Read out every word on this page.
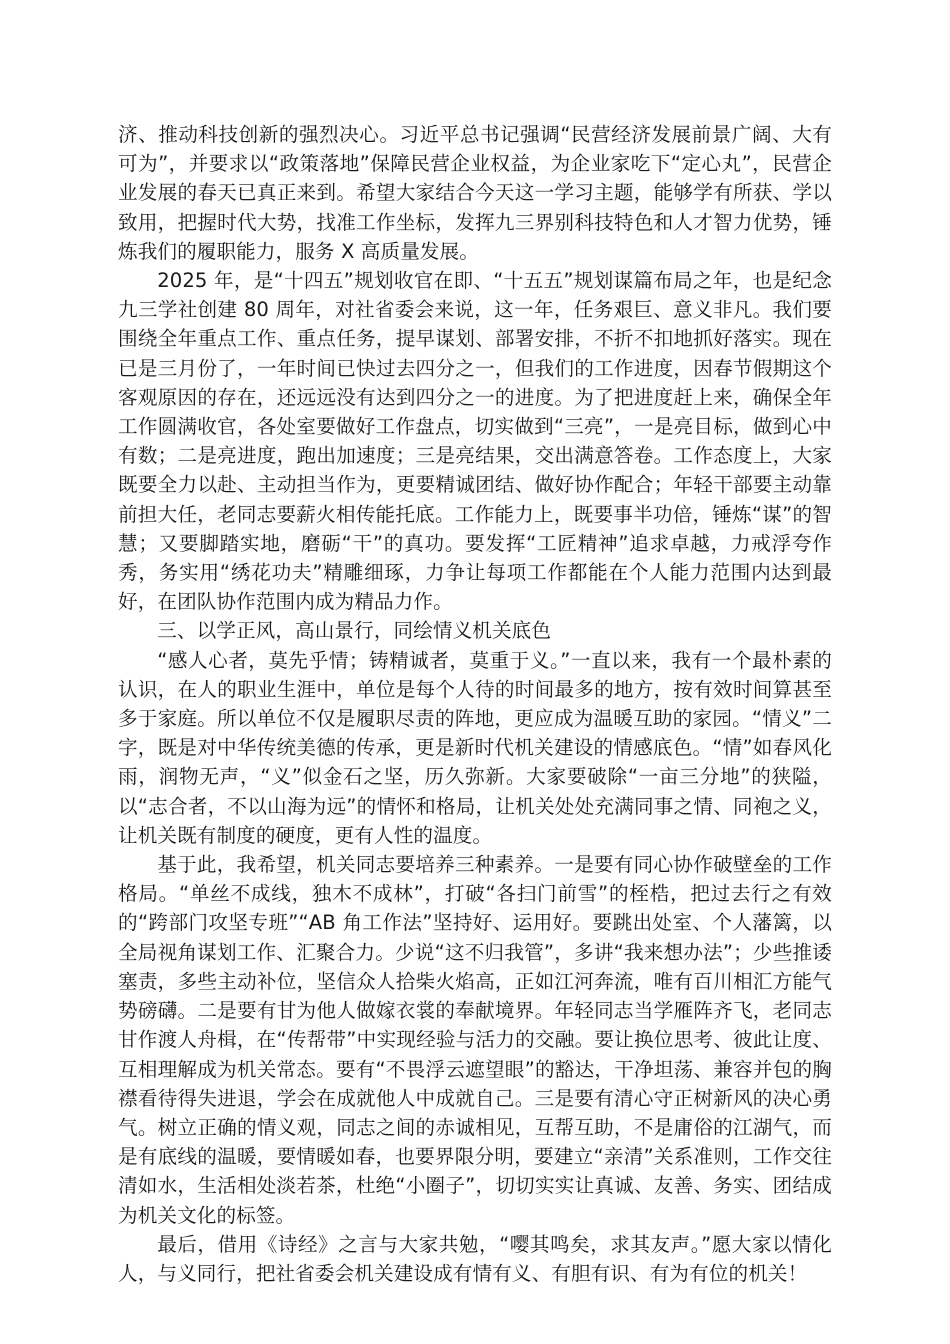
济、推动科技创新的强烈决心。习近平总书记强调“民营经济发展前景广阔、大有可为”，并要求以“政策落地”保障民营企业权益，为企业家吃下“定心丸”，民营企业发展的春天已真正来到。希望大家结合今天这一学习主题，能够学有所获、学以致用，把握时代大势，找准工作坐标，发挥九三界别科技特色和人才智力优势，锤炼我们的履职能力，服务 X 高质量发展。

2025 年，是“十四五”规划收官在即、“十五五”规划谋篇布局之年，也是纪念九三学社创建 80 周年，对社省委会来说，这一年，任务艰巨、意义非凡。我们要围绕全年重点工作、重点任务，提早谋划、部署安排，不折不扣地抓好落实。现在已是三月份了，一年时间已快过去四分之一，但我们的工作进度，因春节假期这个客观原因的存在，还远远没有达到四分之一的进度。为了把进度赶上来，确保全年工作圆满收官，各处室要做好工作盘点，切实做到“三亮”，一是亮目标，做到心中有数；二是亮进度，跑出加速度；三是亮结果，交出满意答卷。工作态度上，大家既要全力以赴、主动担当作为，更要精诚团结、做好协作配合；年轻干部要主动靠前担大任，老同志要薪火相传能托底。工作能力上，既要事半功倍，锤炼“谋”的智慧；又要脚踏实地，磨砺“干”的真功。要发挥“工匠精神”追求卓越，力戒浮夸作秀，务实用“绣花功夫”精雕细琢，力争让每项工作都能在个人能力范围内达到最好，在团队协作范围内成为精品力作。

三、以学正风，高山景行，同绘情义机关底色

“感人心者，莫先乎情；铸精诚者，莫重于义。”一直以来，我有一个最朴素的认识，在人的职业生涯中，单位是每个人待的时间最多的地方，按有效时间算甚至多于家庭。所以单位不仅是履职尽责的阵地，更应成为温暖互助的家园。“情义”二字，既是对中华传统美德的传承，更是新时代机关建设的情感底色。“情”如春风化雨，润物无声，“义”似金石之坚，历久弥新。大家要破除“一亩三分地”的狭隘，以“志合者，不以山海为远”的情怀和格局，让机关处处充满同事之情、同袍之义，让机关既有制度的硬度，更有人性的温度。

基于此，我希望，机关同志要培养三种素养。一是要有同心协作破壁垒的工作格局。“单丝不成线，独木不成林”，打破“各扫门前雪”的桎梏，把过去行之有效的“跨部门攻坚专班”“AB 角工作法”坚持好、运用好。要跳出处室、个人藩篱，以全局视角谋划工作、汇聚合力。少说“这不归我管”，多讲“我来想办法”；少些推诿塞责，多些主动补位，坚信众人拾柴火焰高，正如江河奔流，唯有百川相汇方能气势磅礴。二是要有甘为他人做嫁衣裳的奉献境界。年轻同志当学雁阵齐飞，老同志甘作渡人舟楫，在“传帮带”中实现经验与活力的交融。要让换位思考、彼此让度、互相理解成为机关常态。要有“不畏浮云遮望眼”的豁达，干净坦荡、兼容并包的胸襟看待得失进退，学会在成就他人中成就自己。三是要有清心守正树新风的决心勇气。树立正确的情义观，同志之间的赤诚相见，互帮互助，不是庸俗的江湖气，而是有底线的温暖，要情暖如春，也要界限分明，要建立“亲清”关系准则，工作交往清如水，生活相处淡若茶，杜绝“小圈子”，切切实实让真诚、友善、务实、团结成为机关文化的标签。

最后，借用《诗经》之言与大家共勉，“嘤其鸣矣，求其友声。”愿大家以情化人，与义同行，把社省委会机关建设成有情有义、有胆有识、有为有位的机关！
